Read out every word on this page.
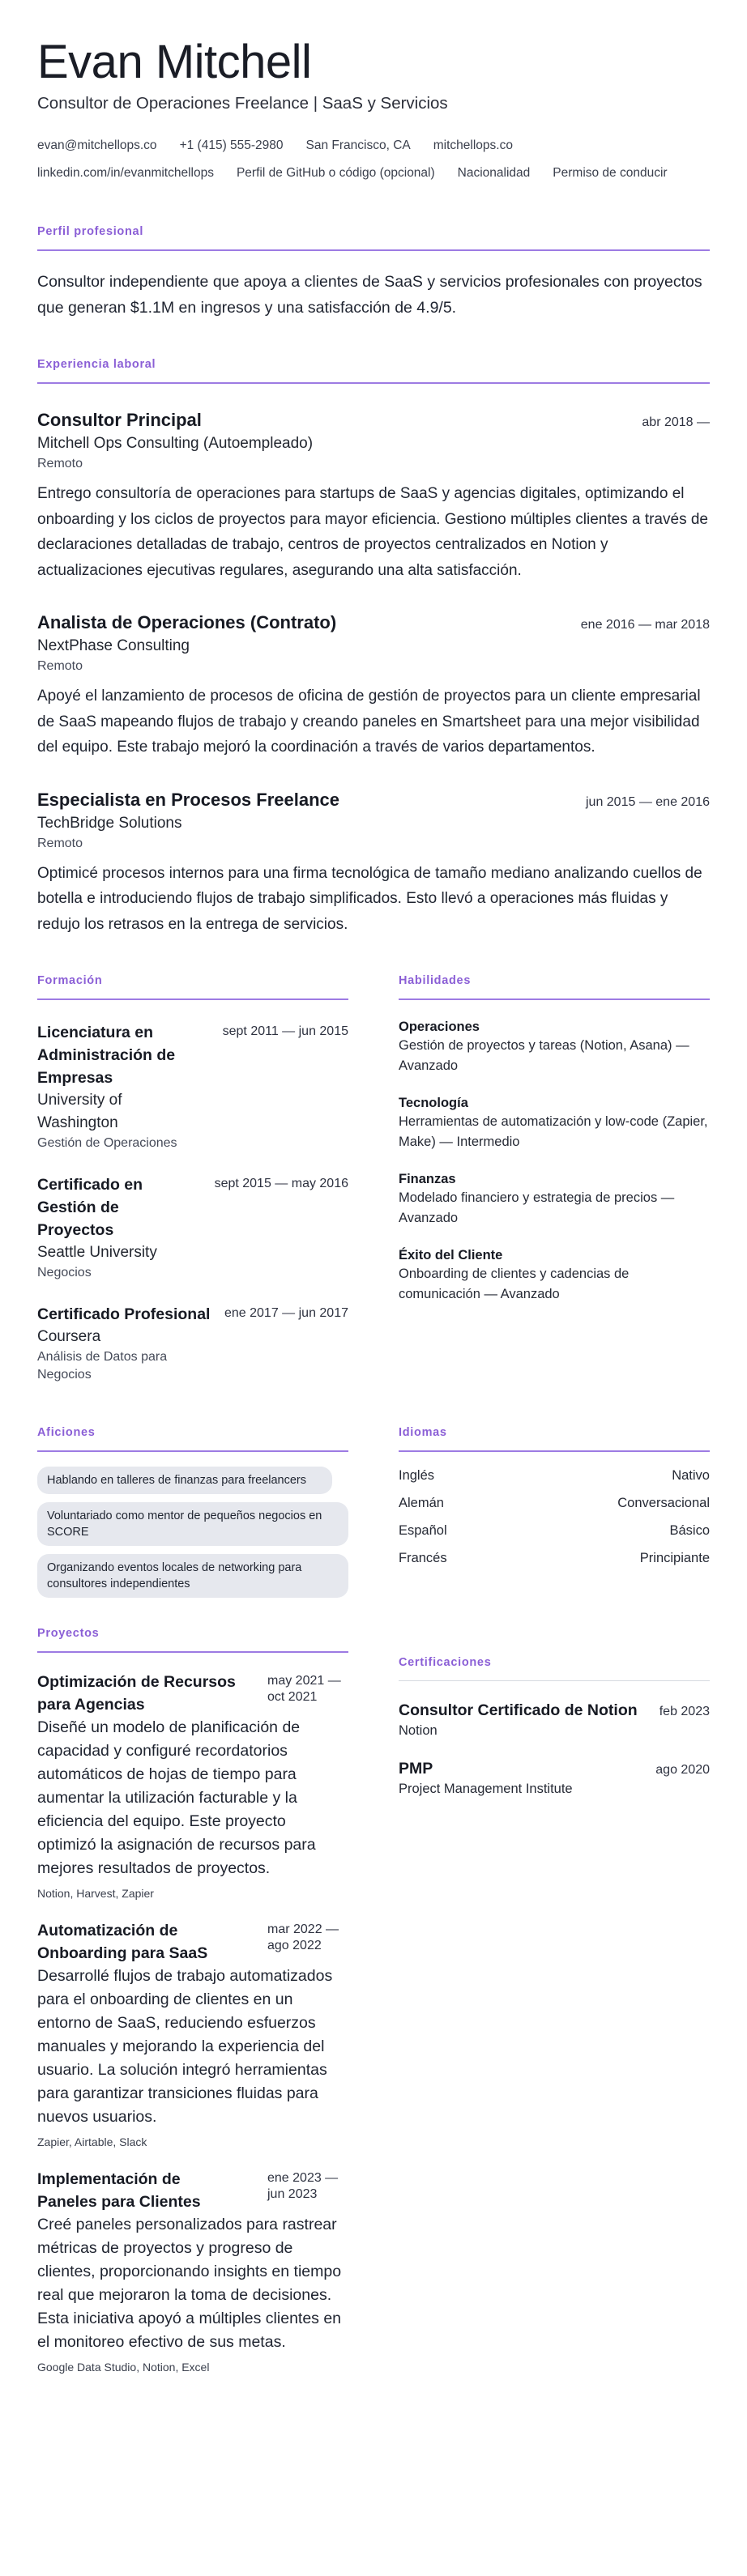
Evan Mitchell
Consultor de Operaciones Freelance | SaaS y Servicios
evan@mitchellops.co +1 (415) 555-2980 San Francisco, CA mitchellops.co
linkedin.com/in/evanmitchellops Perfil de GitHub o código (opcional) Nacionalidad Permiso de conducir
Perfil profesional

Consultor independiente que apoya a clientes de SaaS y servicios profesionales con proyectos que generan $1.1M en ingresos y una satisfacción de 4.9/5.

Experiencia laboral
Consultor Principal	abr 2018 —
Mitchell Ops Consulting (Autoempleado)
Remoto
Entrego consultoría de operaciones para startups de SaaS y agencias digitales, optimizando el onboarding y los ciclos de proyectos para mayor eficiencia. Gestiono múltiples clientes a través de declaraciones detalladas de trabajo, centros de proyectos centralizados en Notion y actualizaciones ejecutivas regulares, asegurando una alta satisfacción.
Analista de Operaciones (Contrato)	ene 2016 — mar 2018
NextPhase Consulting
Remoto
Apoyé el lanzamiento de procesos de oficina de gestión de proyectos para un cliente empresarial de SaaS mapeando flujos de trabajo y creando paneles en Smartsheet para una mejor visibilidad del equipo. Este trabajo mejoró la coordinación a través de varios departamentos.
Especialista en Procesos Freelance	jun 2015 — ene 2016
TechBridge Solutions
Remoto
Optimicé procesos internos para una firma tecnológica de tamaño mediano analizando cuellos de botella e introduciendo flujos de trabajo simplificados. Esto llevó a operaciones más fluidas y redujo los retrasos en la entrega de servicios.
Formación
Licenciatura en Administración de Empresas
sept 2011 — jun 2015
University of Washington
Gestión de Operaciones
Certificado en Gestión de Proyectos
sept 2015 — may 2016
Seattle University
Negocios
Certificado Profesional	ene 2017 — jun 2017
Coursera
Análisis de Datos para Negocios
Habilidades
Operaciones
Gestión de proyectos y tareas (Notion, Asana) — Avanzado
Tecnología
Herramientas de automatización y low-code (Zapier, Make) — Intermedio
Finanzas
Modelado financiero y estrategia de precios — Avanzado
Éxito del Cliente
Onboarding de clientes y cadencias de comunicación — Avanzado
Aficiones
Hablando en talleres de finanzas para freelancers
Voluntariado como mentor de pequeños negocios en SCORE
Organizando eventos locales de networking para consultores independientes
Idiomas
Inglés	Nativo
Alemán	Conversacional
Español	Básico
Francés	Principiante
Proyectos
Optimización de Recursos para Agencias
may 2021 — oct 2021
Diseñé un modelo de planificación de capacidad y configuré recordatorios automáticos de hojas de tiempo para aumentar la utilización facturable y la eficiencia del equipo. Este proyecto optimizó la asignación de recursos para mejores resultados de proyectos.
Notion, Harvest, Zapier
Automatización de Onboarding para SaaS
mar 2022 — ago 2022
Desarrollé flujos de trabajo automatizados para el onboarding de clientes en un entorno de SaaS, reduciendo esfuerzos manuales y mejorando la experiencia del usuario. La solución integró herramientas para garantizar transiciones fluidas para nuevos usuarios.
Zapier, Airtable, Slack
Implementación de Paneles para Clientes
ene 2023 — jun 2023
Creé paneles personalizados para rastrear métricas de proyectos y progreso de clientes, proporcionando insights en tiempo real que mejoraron la toma de decisiones. Esta iniciativa apoyó a múltiples clientes en el monitoreo efectivo de sus metas.
Google Data Studio, Notion, Excel
Certificaciones
Consultor Certificado de Notion feb 2023
Notion
PMP	ago 2020
Project Management Institute
